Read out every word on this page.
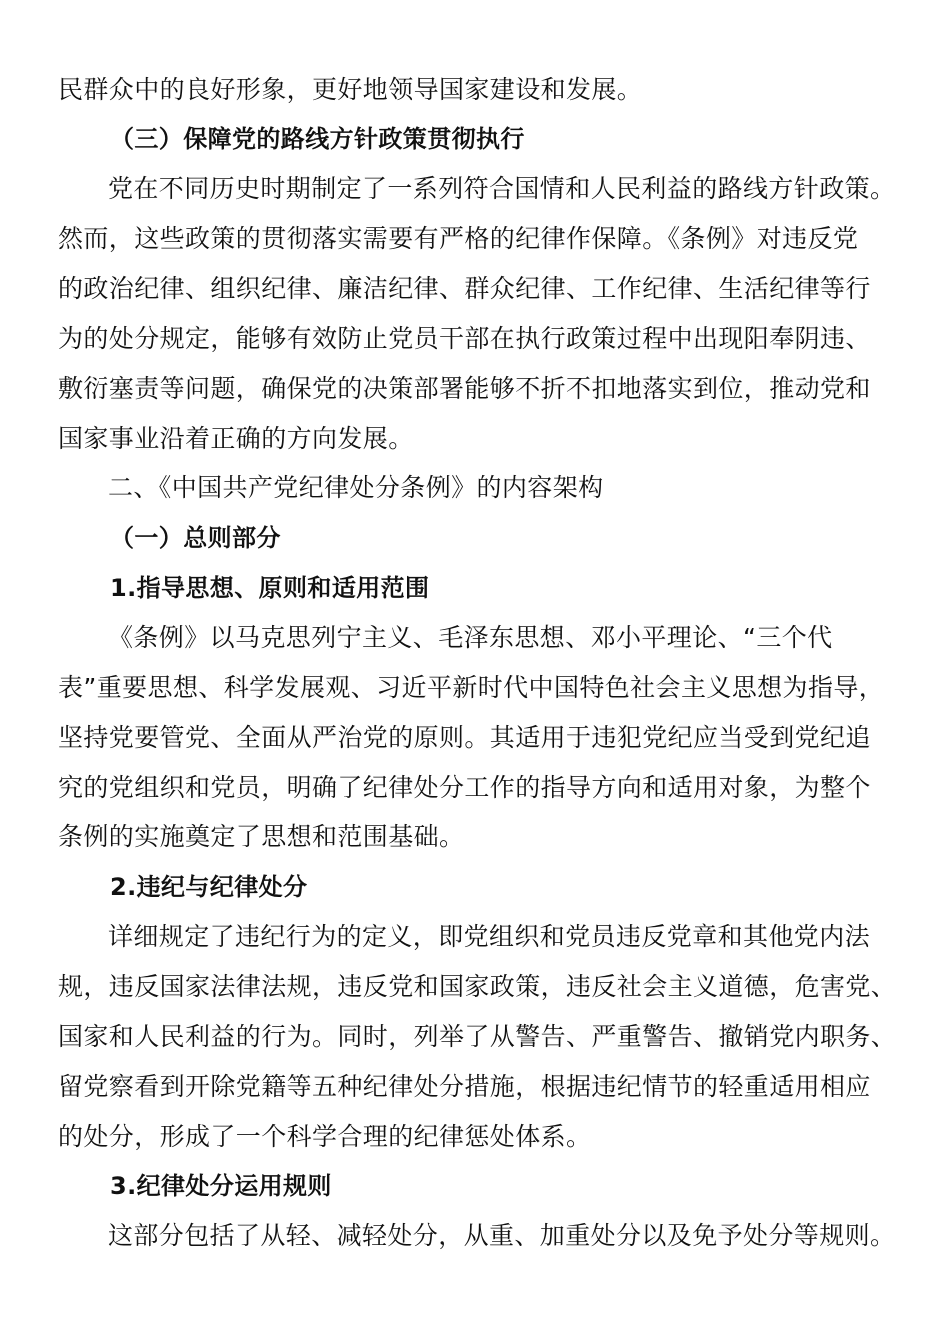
民群众中的良好形象，更好地领导国家建设和发展。
（三）保障党的路线方针政策贯彻执行
党在不同历史时期制定了一系列符合国情和人民利益的路线方针政策。
然而，这些政策的贯彻落实需要有严格的纪律作保障。《条例》对违反党
的政治纪律、组织纪律、廉洁纪律、群众纪律、工作纪律、生活纪律等行
为的处分规定，能够有效防止党员干部在执行政策过程中出现阳奉阴违、
敷衍塞责等问题，确保党的决策部署能够不折不扣地落实到位，推动党和
国家事业沿着正确的方向发展。
二、《中国共产党纪律处分条例》的内容架构
（一）总则部分
1.指导思想、原则和适用范围
《条例》以马克思列宁主义、毛泽东思想、邓小平理论、“三个代
表”重要思想、科学发展观、习近平新时代中国特色社会主义思想为指导，
坚持党要管党、全面从严治党的原则。其适用于违犯党纪应当受到党纪追
究的党组织和党员，明确了纪律处分工作的指导方向和适用对象，为整个
条例的实施奠定了思想和范围基础。
2.违纪与纪律处分
详细规定了违纪行为的定义，即党组织和党员违反党章和其他党内法
规，违反国家法律法规，违反党和国家政策，违反社会主义道德，危害党、
国家和人民利益的行为。同时，列举了从警告、严重警告、撤销党内职务、
留党察看到开除党籍等五种纪律处分措施，根据违纪情节的轻重适用相应
的处分，形成了一个科学合理的纪律惩处体系。
3.纪律处分运用规则
这部分包括了从轻、减轻处分，从重、加重处分以及免予处分等规则。
